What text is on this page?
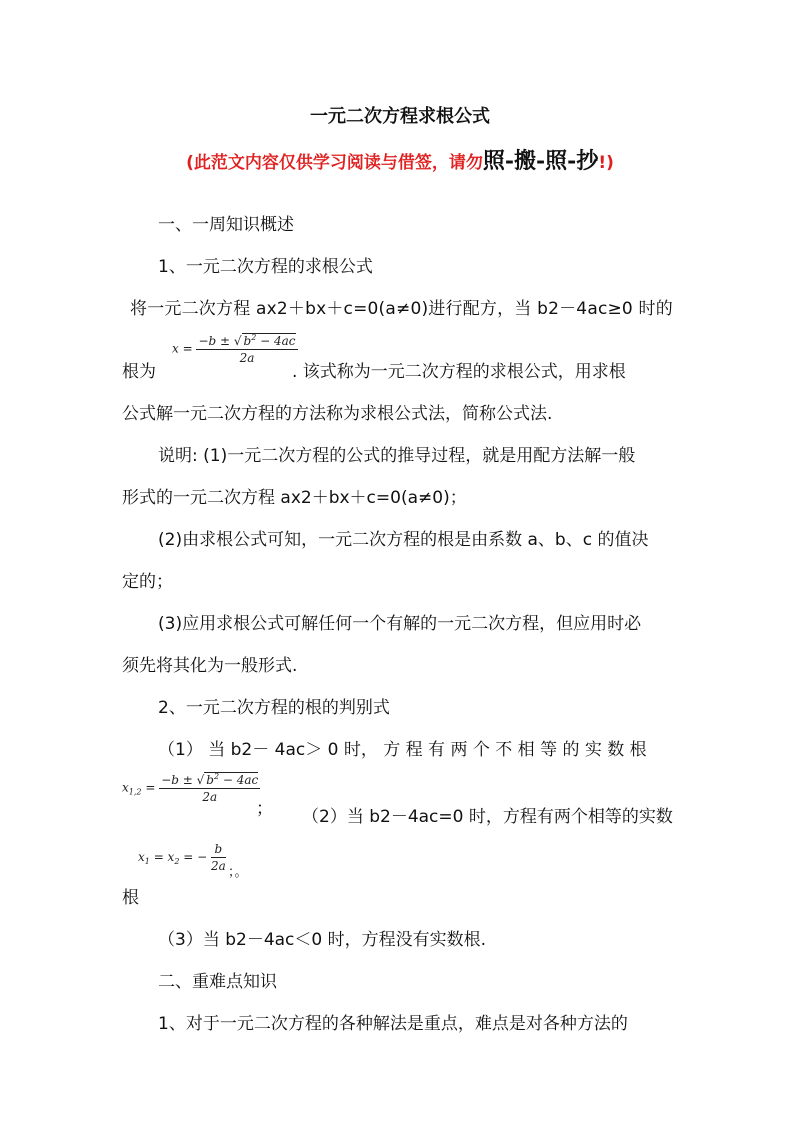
一元二次方程求根公式
(此范文内容仅供学习阅读与借签，请勿照-搬-照-抄!)
一、一周知识概述
1、一元二次方程的求根公式
将一元二次方程 ax2＋bx＋c=0(a≠0)进行配方，当 b2－4ac≥0 时的
根为
$x = \frac{-b \pm √ b^2 - 4ac}{2a}$
. 该式称为一元二次方程的求根公式，用求根
公式解一元二次方程的方法称为求根公式法，简称公式法.
说明: (1)一元二次方程的公式的推导过程，就是用配方法解一般
形式的一元二次方程 ax2＋bx＋c=0(a≠0)；
(2)由求根公式可知，一元二次方程的根是由系数 a、b、c 的值决
定的；
(3)应用求根公式可解任何一个有解的一元二次方程，但应用时必
须先将其化为一般形式.
2、一元二次方程的根的判别式
（1） 当 b2－ 4ac＞ 0 时， 方 程 有 两 个 不 相 等 的 实 数 根
$x_{1,2} = \frac{-b \pm √ b^2 - 4ac}{2a}$
； （2）当 b2－4ac=0 时，方程有两个相等的实数
$x_1 = x_2$ = − $\frac{b}{2a}$ ；。
根
（3）当 b2－4ac＜0 时，方程没有实数根.
二、重难点知识
1、对于一元二次方程的各种解法是重点，难点是对各种方法的
